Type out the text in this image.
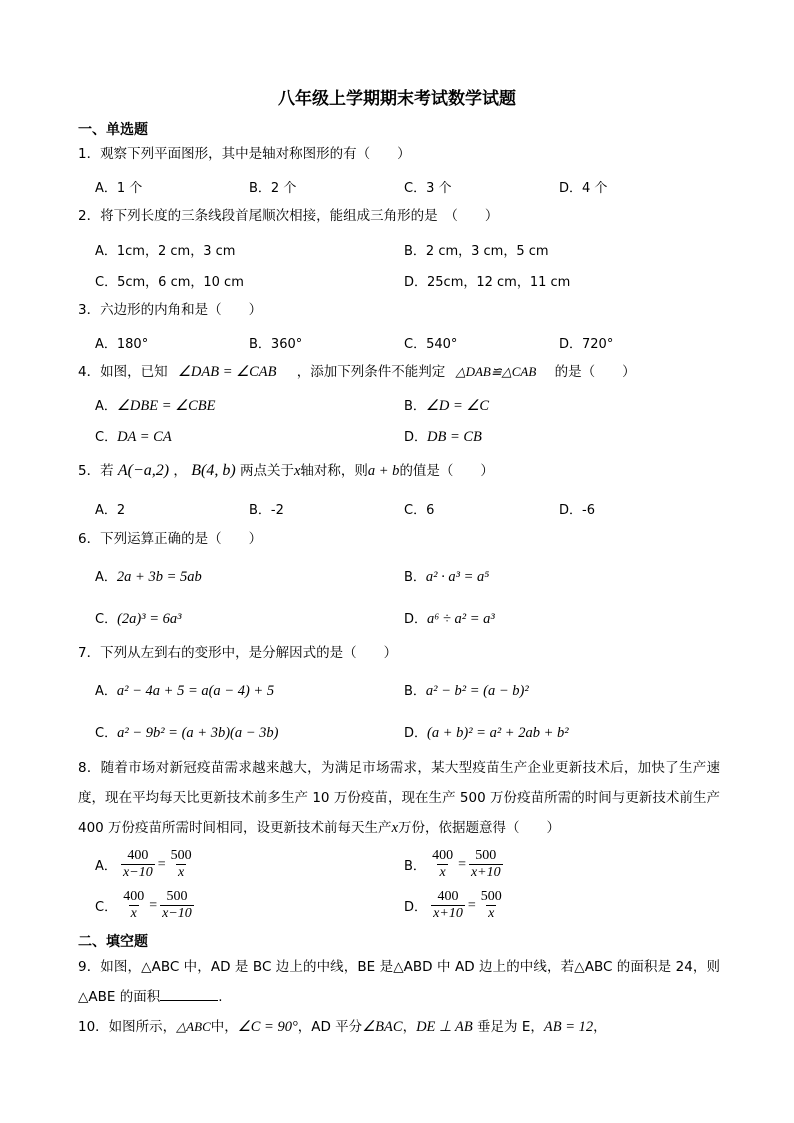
八年级上学期期末考试数学试题
一、单选题
1．观察下列平面图形，其中是轴对称图形的有（　　）
A．1 个	B．2 个	C．3 个	D．4 个
2．将下列长度的三条线段首尾顺次相接，能组成三角形的是　（　　）
A．1cm，2 cm，3 cm	B．2 cm，3 cm，5 cm
C．5cm，6 cm，10 cm	D．25cm，12 cm，11 cm
3．六边形的内角和是（　　）
A．180°	B．360°	C．540°	D．720°
4．如图，已知 ∠DAB = ∠CAB ，添加下列条件不能判定 △DAB≌△CAB 的是（　　）
A．∠DBE = ∠CBE	B．∠D = ∠C
C．DA = CA	D．DB = CB
5．若 A(−a,2) ， B(4, b) 两点关于x轴对称，则a + b的值是（　　）
A．2	B．-2	C．6	D．-6
6．下列运算正确的是（　　）
A．2a + 3b = 5ab	B．a² · a³ = a⁵
C．(2a)³ = 6a³	D．a⁶ ÷ a² = a³
7．下列从左到右的变形中，是分解因式的是（　　）
A．a² − 4a + 5 = a(a − 4) + 5	B．a² − b² = (a − b)²
C．a² − 9b² = (a + 3b)(a − 3b)	D．(a + b)² = a² + 2ab + b²
8．随着市场对新冠疫苗需求越来越大，为满足市场需求，某大型疫苗生产企业更新技术后，加快了生产速度，现在平均每天比更新技术前多生产 10 万份疫苗，现在生产 500 万份疫苗所需的时间与更新技术前生产 400 万份疫苗所需时间相同，设更新技术前每天生产x万份，依据题意得（　　）
A． $\frac{400}{x-10} = \frac{500}{x}$	B． $\frac{400}{x} = \frac{500}{x+10}$
C． $\frac{400}{x} = \frac{500}{x-10}$	D． $\frac{400}{x+10} = \frac{500}{x}$
二、填空题
9．如图，△ABC 中，AD 是 BC 边上的中线，BE 是△ABD 中 AD 边上的中线，若△ABC 的面积是 24，则△ABE 的面积	.
10．如图所示，△ABC中，∠C = 90°，AD 平分∠BAC，DE ⊥ AB 垂足为 E，AB = 12，
